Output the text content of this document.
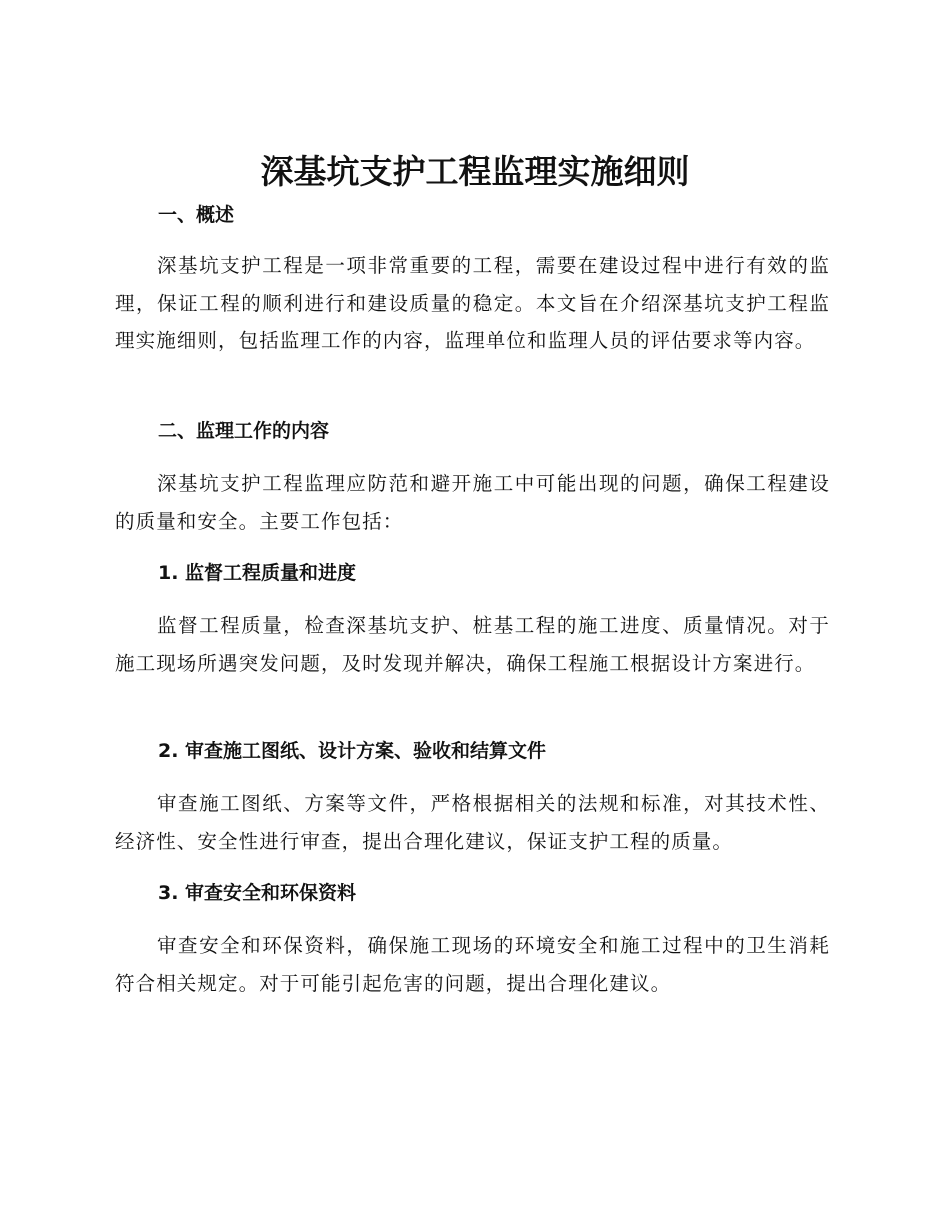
深基坑支护工程监理实施细则
一、概述

深基坑支护工程是一项非常重要的工程，需要在建设过程中进行有效的监理，保证工程的顺利进行和建设质量的稳定。本文旨在介绍深基坑支护工程监理实施细则，包括监理工作的内容，监理单位和监理人员的评估要求等内容。

二、监理工作的内容

深基坑支护工程监理应防范和避开施工中可能出现的问题，确保工程建设的质量和安全。主要工作包括：

1. 监督工程质量和进度

监督工程质量，检查深基坑支护、桩基工程的施工进度、质量情况。对于施工现场所遇突发问题，及时发现并解决，确保工程施工根据设计方案进行。

2. 审查施工图纸、设计方案、验收和结算文件

审查施工图纸、方案等文件，严格根据相关的法规和标准，对其技术性、经济性、安全性进行审查，提出合理化建议，保证支护工程的质量。

3. 审查安全和环保资料

审查安全和环保资料，确保施工现场的环境安全和施工过程中的卫生消耗符合相关规定。对于可能引起危害的问题，提出合理化建议。
